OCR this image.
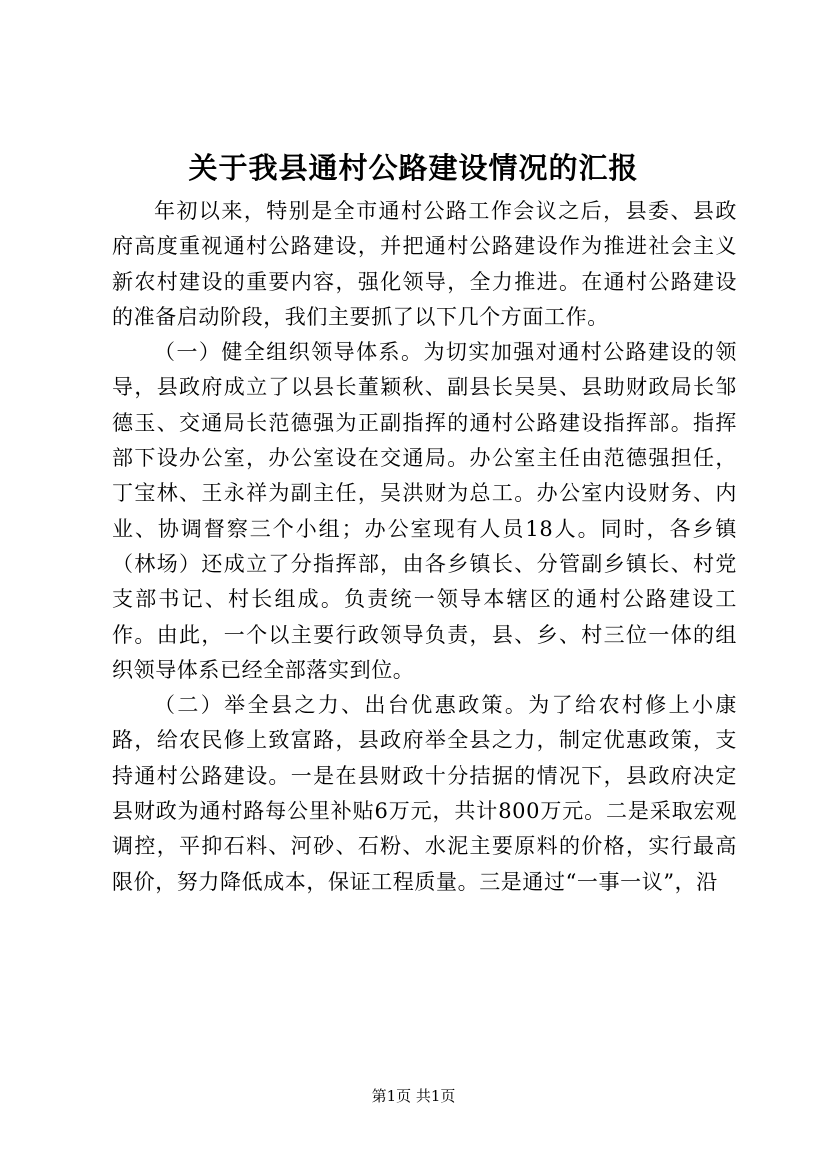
关于我县通村公路建设情况的汇报

年初以来，特别是全市通村公路工作会议之后，县委、县政府高度重视通村公路建设，并把通村公路建设作为推进社会主义新农村建设的重要内容，强化领导，全力推进。在通村公路建设的准备启动阶段，我们主要抓了以下几个方面工作。

（一）健全组织领导体系。为切实加强对通村公路建设的领导，县政府成立了以县长董颖秋、副县长吴昊、县助财政局长邹德玉、交通局长范德强为正副指挥的通村公路建设指挥部。指挥部下设办公室，办公室设在交通局。办公室主任由范德强担任，丁宝林、王永祥为副主任，吴洪财为总工。办公室内设财务、内业、协调督察三个小组；办公室现有人员18人。同时，各乡镇（林场）还成立了分指挥部，由各乡镇长、分管副乡镇长、村党支部书记、村长组成。负责统一领导本辖区的通村公路建设工作。由此，一个以主要行政领导负责，县、乡、村三位一体的组织领导体系已经全部落实到位。

（二）举全县之力、出台优惠政策。为了给农村修上小康路，给农民修上致富路，县政府举全县之力，制定优惠政策，支持通村公路建设。一是在县财政十分拮据的情况下，县政府决定县财政为通村路每公里补贴6万元，共计800万元。二是采取宏观调控，平抑石料、河砂、石粉、水泥主要原料的价格，实行最高限价，努力降低成本，保证工程质量。三是通过“一事一议”，沿

第1页 共1页
